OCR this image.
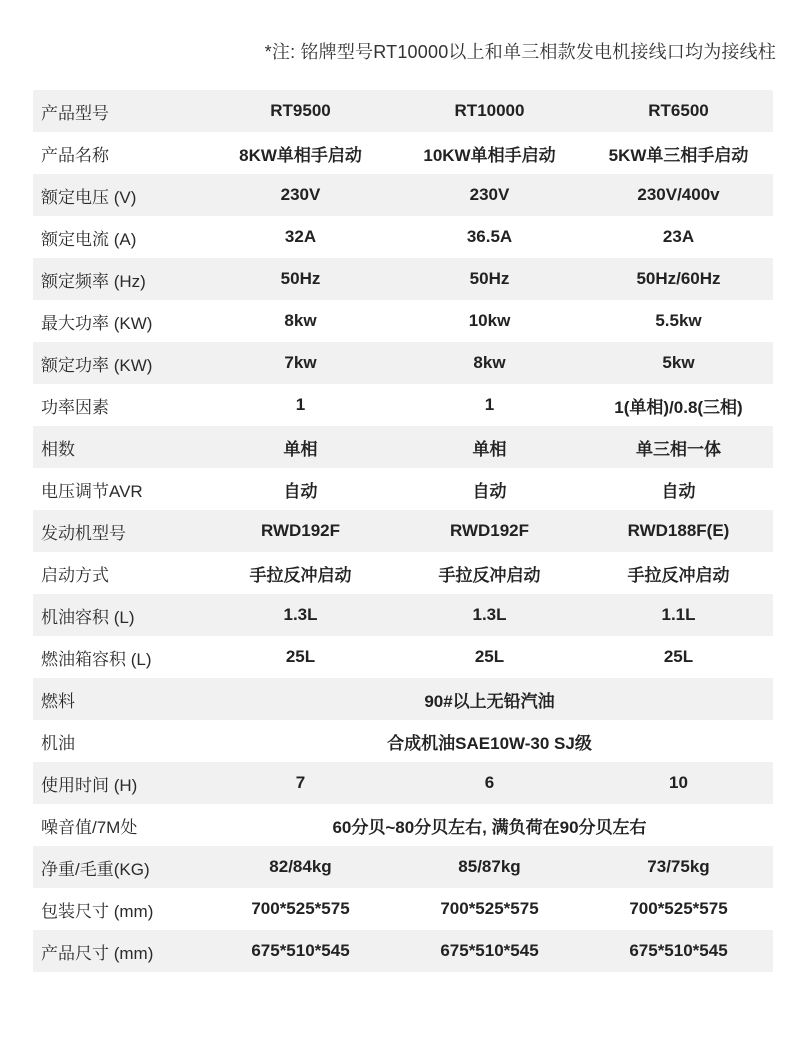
*注: 铭牌型号RT10000以上和单三相款发电机接线口均为接线柱
产品型号	RT9500	RT10000	RT6500
产品名称	8KW单相手启动	10KW单相手启动	5KW单三相手启动
额定电压 (V)	230V	230V	230V/400v
额定电流 (A)	32A	36.5A	23A
额定频率 (Hz)	50Hz	50Hz	50Hz/60Hz
最大功率 (KW)	8kw	10kw	5.5kw
额定功率 (KW)	7kw	8kw	5kw
功率因素	1	1	1(单相)/0.8(三相)
相数	单相	单相	单三相一体
电压调节AVR	自动	自动	自动
发动机型号	RWD192F	RWD192F	RWD188F(E)
启动方式	手拉反冲启动	手拉反冲启动	手拉反冲启动
机油容积 (L)	1.3L	1.3L	1.1L
燃油箱容积 (L)	25L	25L	25L
燃料	90#以上无铅汽油
机油	合成机油SAE10W-30 SJ级
使用时间 (H)	7	6	10
噪音值/7M处	60分贝~80分贝左右, 满负荷在90分贝左右
净重/毛重(KG)	82/84kg	85/87kg	73/75kg
包装尺寸 (mm)	700*525*575	700*525*575	700*525*575
产品尺寸 (mm)	675*510*545	675*510*545	675*510*545
